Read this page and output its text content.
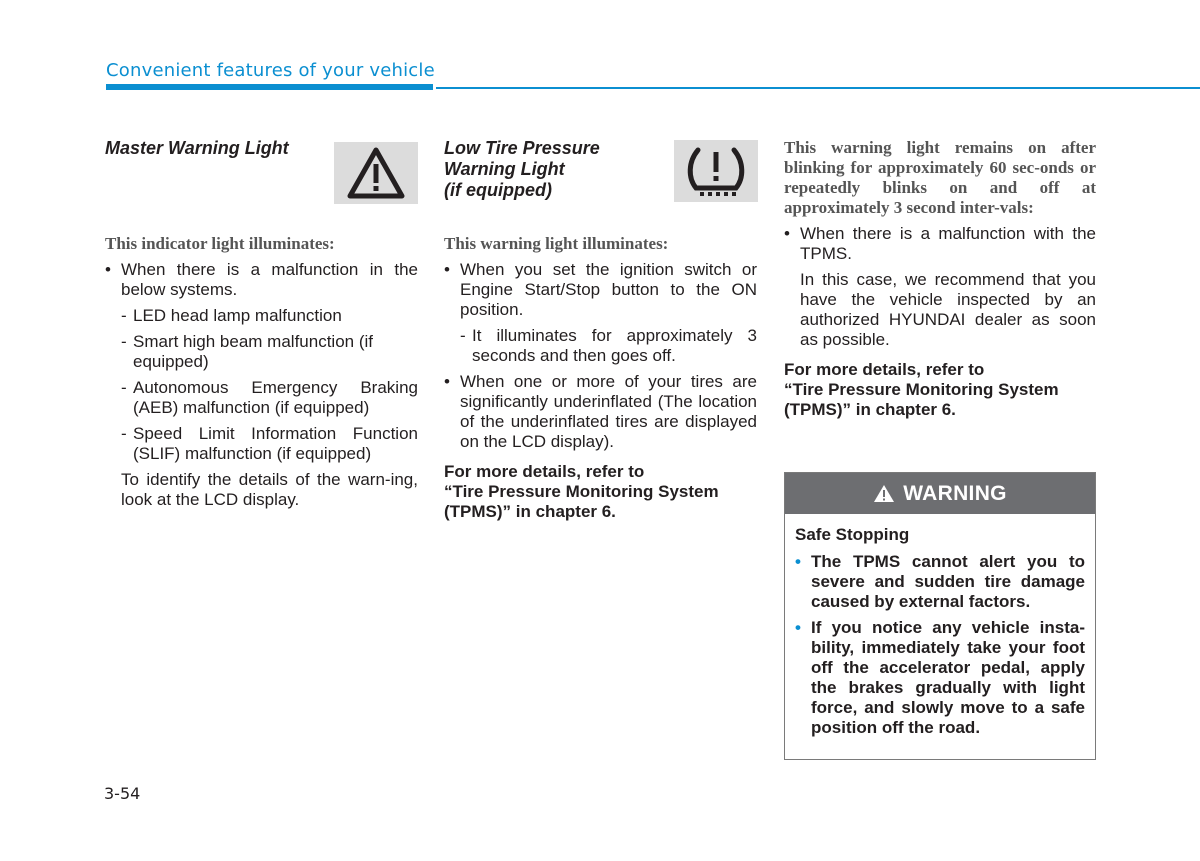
Convenient features of your vehicle

Master Warning Light

This indicator light illuminates:

• When there is a malfunction in the below systems.
- LED head lamp malfunction
- Smart high beam malfunction (if equipped)
- Autonomous Emergency Braking (AEB) malfunction (if equipped)
- Speed Limit Information Function (SLIF) malfunction (if equipped)
To identify the details of the warn-ing, look at the LCD display.

Low Tire Pressure
Warning Light
(if equipped)

This warning light illuminates:

• When you set the ignition switch or Engine Start/Stop button to the ON position.
- It illuminates for approximately 3 seconds and then goes off.
• When one or more of your tires are significantly underinflated (The location of the underinflated tires are displayed on the LCD display).
For more details, refer to
“Tire Pressure Monitoring System
(TPMS)” in chapter 6.

This warning light remains on after blinking for approximately 60 sec-onds or repeatedly blinks on and off at approximately 3 second inter-vals:

• When there is a malfunction with the TPMS.
In this case, we recommend that you have the vehicle inspected by an authorized HYUNDAI dealer as soon as possible.
For more details, refer to
“Tire Pressure Monitoring System
(TPMS)” in chapter 6.
WARNING
Safe Stopping
• The TPMS cannot alert you to severe and sudden tire damage caused by external factors.
• If you notice any vehicle insta-bility, immediately take your foot off the accelerator pedal, apply the brakes gradually with light force, and slowly move to a safe position off the road.
3-54
